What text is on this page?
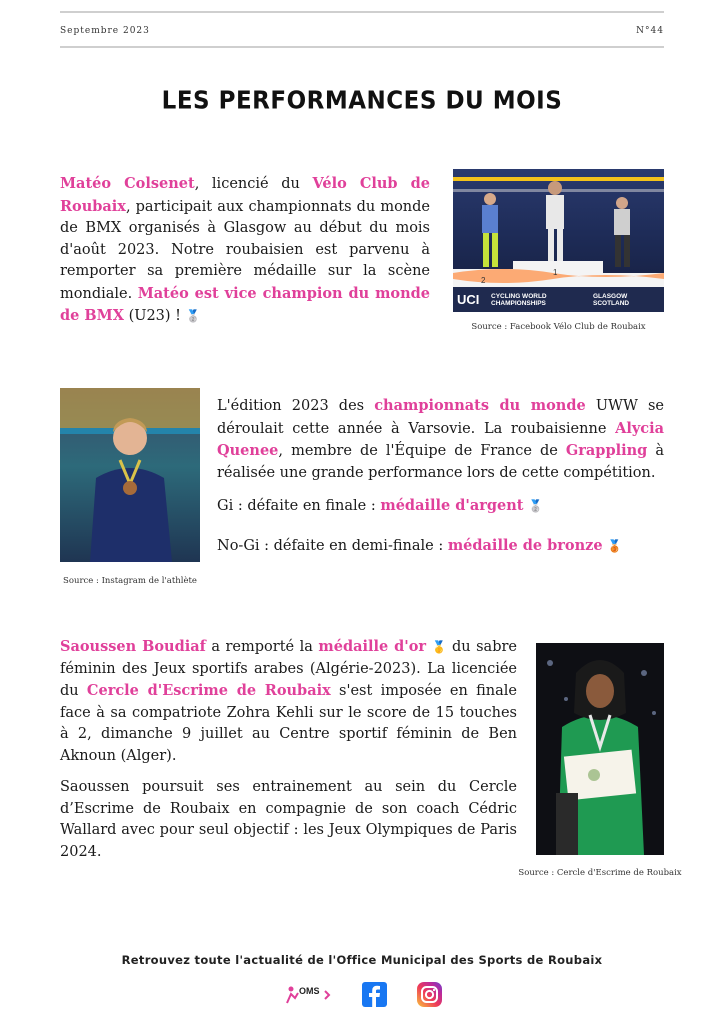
Septembre 2023	N°44
LES PERFORMANCES DU MOIS
Matéo Colsenet, licencié du Vélo Club de Roubaix, participait aux championnats du monde de BMX organisés à Glasgow au début du mois d'août 2023. Notre roubaisien est parvenu à remporter sa première médaille sur la scène mondiale. Matéo est vice champion du monde de BMX (U23) ! 🥈
2
1
UCI CYCLING WORLD CHAMPIONSHIPS
GLASGOW SCOTLAND
Source : Facebook Vélo Club de Roubaix
Source : Instagram de l'athlète
L'édition 2023 des championnats du monde UWW se déroulait cette année à Varsovie. La roubaisienne Alycia Quenee, membre de l'Équipe de France de Grappling à réalisée une grande performance lors de cette compétition.
Gi : défaite en finale : médaille d'argent 🥈
No-Gi : défaite en demi-finale : médaille de bronze 🥉
Saoussen Boudiaf a remporté la médaille d'or 🥇 du sabre féminin des Jeux sportifs arabes (Algérie-2023). La licenciée du Cercle d'Escrime de Roubaix s'est imposée en finale face à sa compatriote Zohra Kehli sur le score de 15 touches à 2, dimanche 9 juillet au Centre sportif féminin de Ben Aknoun (Alger).
Saoussen poursuit ses entrainement au sein du Cercle d’Escrime de Roubaix en compagnie de son coach Cédric Wallard avec pour seul objectif : les Jeux Olympiques de Paris 2024.
Source : Cercle d'Escrime de Roubaix
Retrouvez toute l'actualité de l'Office Municipal des Sports de Roubaix
OMS
